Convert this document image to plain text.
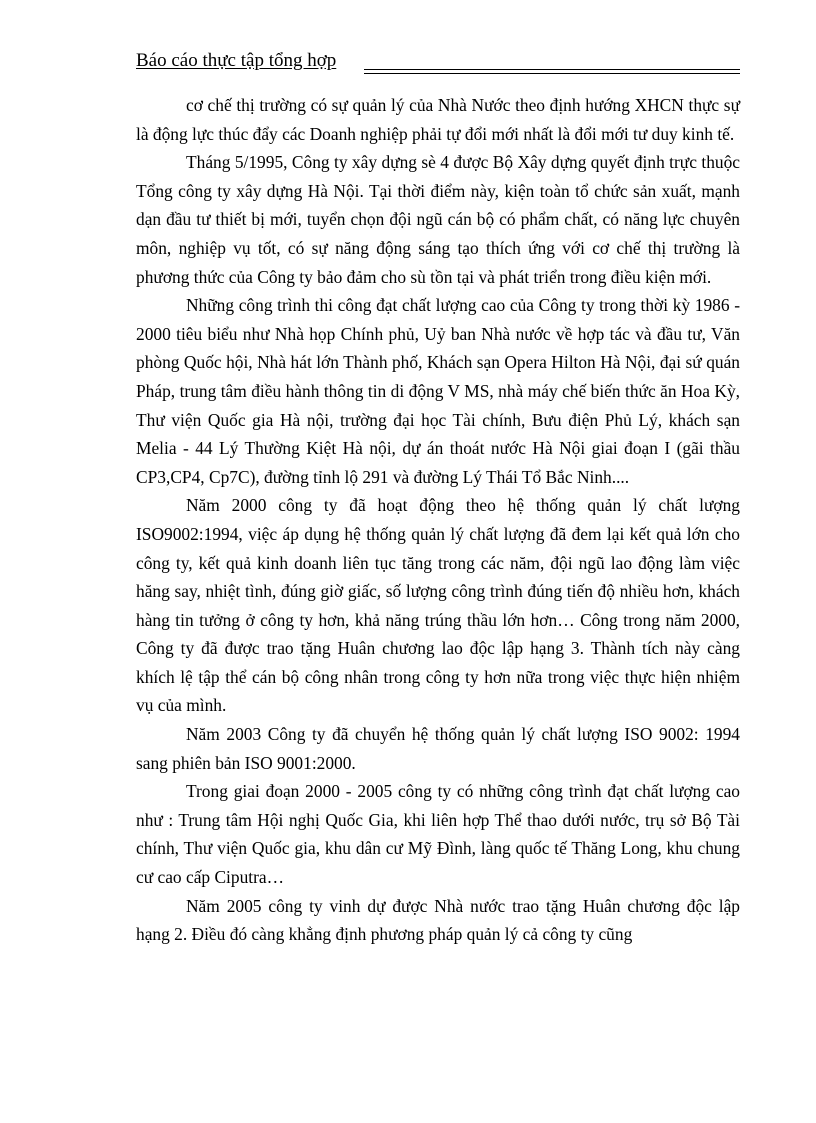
Báo cáo thực tập tổng hợp

cơ chế thị trường có sự quản lý của Nhà Nước theo định hướng XHCN thực sự là động lực thúc đẩy các Doanh nghiệp phải tự đổi mới nhất là đổi mới tư duy kinh tế.

Tháng 5/1995, Công ty xây dựng sè 4 được Bộ Xây dựng quyết định trực thuộc Tổng công ty xây dựng Hà Nội. Tại thời điểm này, kiện toàn tổ chức sản xuất, mạnh dạn đầu tư thiết bị mới, tuyển chọn đội ngũ cán bộ có phẩm chất, có năng lực chuyên môn, nghiệp vụ tốt, có sự năng động sáng tạo thích ứng với cơ chế thị trường là phương thức của Công ty bảo đảm cho sù tồn tại và phát triển trong điều kiện mới.

Những công trình thi công đạt chất lượng cao của Công ty trong thời kỳ 1986 - 2000 tiêu biểu như Nhà họp Chính phủ, Uỷ ban Nhà nước về hợp tác và đầu tư, Văn phòng Quốc hội, Nhà hát lớn Thành phố, Khách sạn Opera Hilton Hà Nội, đại sứ quán Pháp, trung tâm điều hành thông tin di động V MS, nhà máy chế biến thức ăn Hoa Kỳ, Thư viện Quốc gia Hà nội, trường đại học Tài chính, Bưu điện Phủ Lý, khách sạn Melia - 44 Lý Thường Kiệt Hà nội, dự án thoát nước Hà Nội giai đoạn I (gãi thầu CP3,CP4, Cp7C), đường tỉnh lộ 291 và đường Lý Thái Tổ Bắc Ninh....

Năm 2000 công ty đã hoạt động theo hệ thống quản lý chất lượng ISO9002:1994, việc áp dụng hệ thống quản lý chất lượng đã đem lại kết quả lớn cho công ty, kết quả kinh doanh liên tục tăng trong các năm, đội ngũ lao động làm việc hăng say, nhiệt tình, đúng giờ giấc, số lượng công trình đúng tiến độ nhiều hơn, khách hàng tin tưởng ở công ty hơn, khả năng trúng thầu lớn hơn… Công trong năm 2000, Công ty đã được trao tặng Huân chương lao độc lập hạng 3. Thành tích này càng khích lệ tập thể cán bộ công nhân trong công ty hơn nữa trong việc thực hiện nhiệm vụ của mình.

Năm 2003 Công ty đã chuyển hệ thống quản lý chất lượng ISO 9002: 1994 sang phiên bản ISO 9001:2000.

Trong giai đoạn 2000 - 2005 công ty có những công trình đạt chất lượng cao như : Trung tâm Hội nghị Quốc Gia, khi liên hợp Thể thao dưới nước, trụ sở Bộ Tài chính, Thư viện Quốc gia, khu dân cư Mỹ Đình, làng quốc tế Thăng Long, khu chung cư cao cấp Ciputra…

Năm 2005 công ty vinh dự được Nhà nước trao tặng Huân chương độc lập hạng 2. Điều đó càng khẳng định phương pháp quản lý cả công ty cũng
